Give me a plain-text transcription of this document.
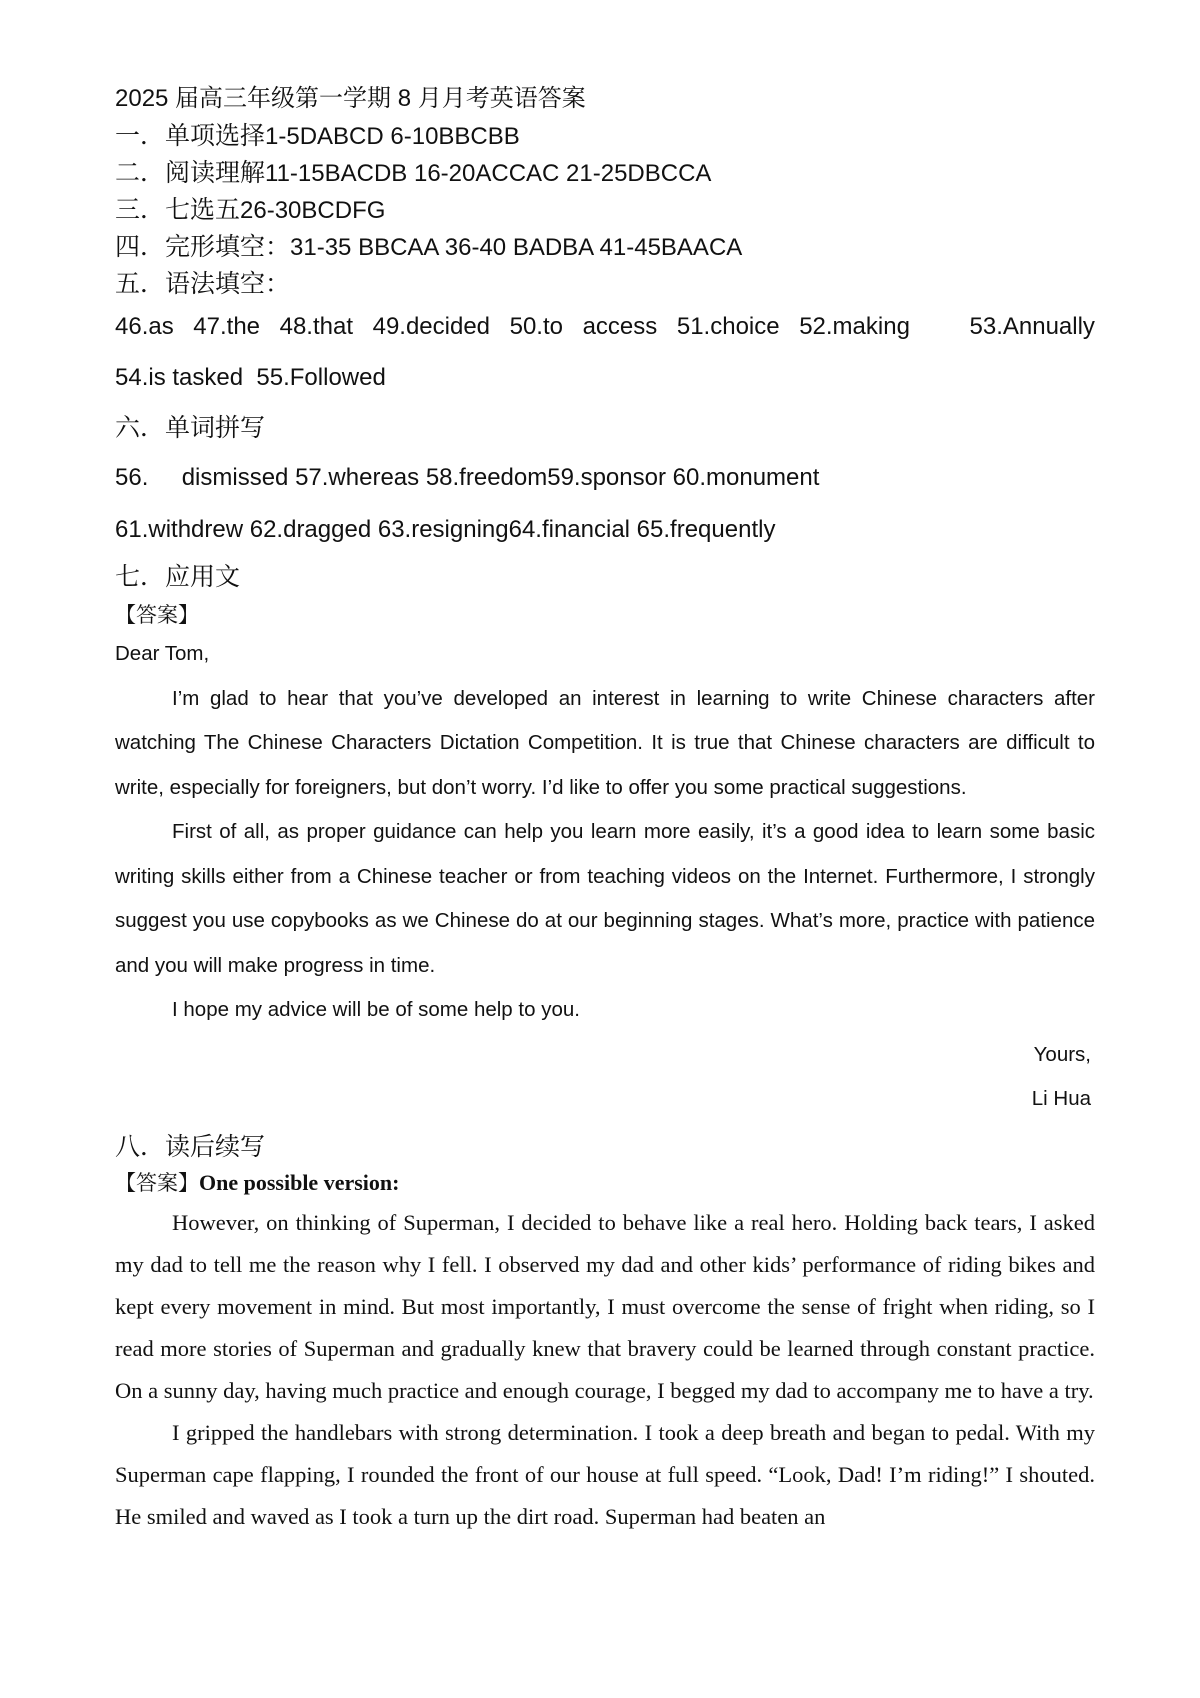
2025 届高三年级第一学期 8 月月考英语答案
一．单项选择1-5DABCD 6-10BBCBB
二．阅读理解11-15BACDB 16-20ACCAC 21-25DBCCA
三．七选五26-30BCDFG
四．完形填空：31-35 BBCAA 36-40 BADBA 41-45BAACA
五．语法填空：
46.as 47.the 48.that 49.decided 50.to access 51.choice 52.making 53.Annually
54.is tasked  55.Followed
六．单词拼写
56.     dismissed 57.whereas 58.freedom59.sponsor 60.monument
61.withdrew 62.dragged 63.resigning64.financial 65.frequently
七．应用文
【答案】

Dear Tom,

I’m glad to hear that you’ve developed an interest in learning to write Chinese characters after watching The Chinese Characters Dictation Competition. It is true that Chinese characters are difficult to write, especially for foreigners, but don’t worry. I’d like to offer you some practical suggestions.

First of all, as proper guidance can help you learn more easily, it’s a good idea to learn some basic writing skills either from a Chinese teacher or from teaching videos on the Internet. Furthermore, I strongly suggest you use copybooks as we Chinese do at our beginning stages. What’s more, practice with patience and you will make progress in time.

I hope my advice will be of some help to you.

Yours,

Li Hua

八．读后续写
【答案】One possible version:

However, on thinking of Superman, I decided to behave like a real hero. Holding back tears, I asked my dad to tell me the reason why I fell. I observed my dad and other kids’ performance of riding bikes and kept every movement in mind. But most importantly, I must overcome the sense of fright when riding, so I read more stories of Superman and gradually knew that bravery could be learned through constant practice. On a sunny day, having much practice and enough courage, I begged my dad to accompany me to have a try.

I gripped the handlebars with strong determination. I took a deep breath and began to pedal. With my Superman cape flapping, I rounded the front of our house at full speed. “Look, Dad! I’m riding!” I shouted. He smiled and waved as I took a turn up the dirt road. Superman had beaten an
